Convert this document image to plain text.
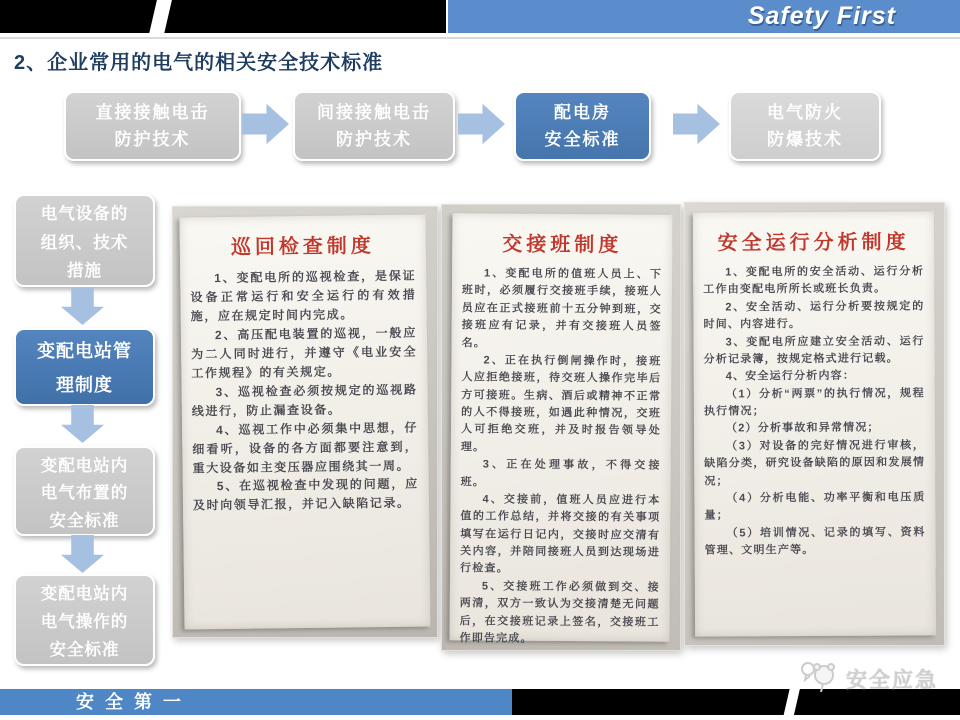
Safety First
2、企业常用的电气的相关安全技术标准
直接接触电击
防护技术
间接接触电击
防护技术
配电房
安全标准
电气防火
防爆技术
电气设备的
组织、技术
措施
变配电站管
理制度
变配电站内
电气布置的
安全标准
变配电站内
电气操作的
安全标准
巡回检查制度

1、变配电所的巡视检查，是保证设备正常运行和安全运行的有效措施，应在规定时间内完成。

2、高压配电装置的巡视，一般应为二人同时进行，并遵守《电业安全工作规程》的有关规定。

3、巡视检查必须按规定的巡视路线进行，防止漏查设备。

4、巡视工作中必须集中思想，仔细看听，设备的各方面都要注意到，重大设备如主变压器应围绕其一周。

5、在巡视检查中发现的问题，应及时向领导汇报，并记入缺陷记录。

交接班制度

1、变配电所的值班人员上、下班时，必须履行交接班手续，接班人员应在正式接班前十五分钟到班，交接班应有记录，并有交接班人员签名。

2、正在执行倒闸操作时，接班人应拒绝接班，待交班人操作完毕后方可接班。生病、酒后或精神不正常的人不得接班，如遇此种情况，交班人可拒绝交班，并及时报告领导处理。

3、正在处理事故，不得交接班。

4、交接前，值班人员应进行本值的工作总结，并将交接的有关事项填写在运行日记内，交接时应交清有关内容，并陪同接班人员到达现场进行检查。

5、交接班工作必须做到交、接两清，双方一致认为交接清楚无问题后，在交接班记录上签名，交接班工作即告完成。

安全运行分析制度

1、变配电所的安全活动、运行分析工作由变配电所所长或班长负责。

2、安全活动、运行分析要按规定的时间、内容进行。

3、变配电所应建立安全活动、运行分析记录簿，按规定格式进行记载。

4、安全运行分析内容：

（1）分析“两票”的执行情况，规程执行情况；

（2）分析事故和异常情况；

（3）对设备的完好情况进行审核，缺陷分类，研究设备缺陷的原因和发展情况；

（4）分析电能、功率平衡和电压质量；

（5）培训情况、记录的填写、资料管理、文明生产等。

安 全 第 一
安全应急
